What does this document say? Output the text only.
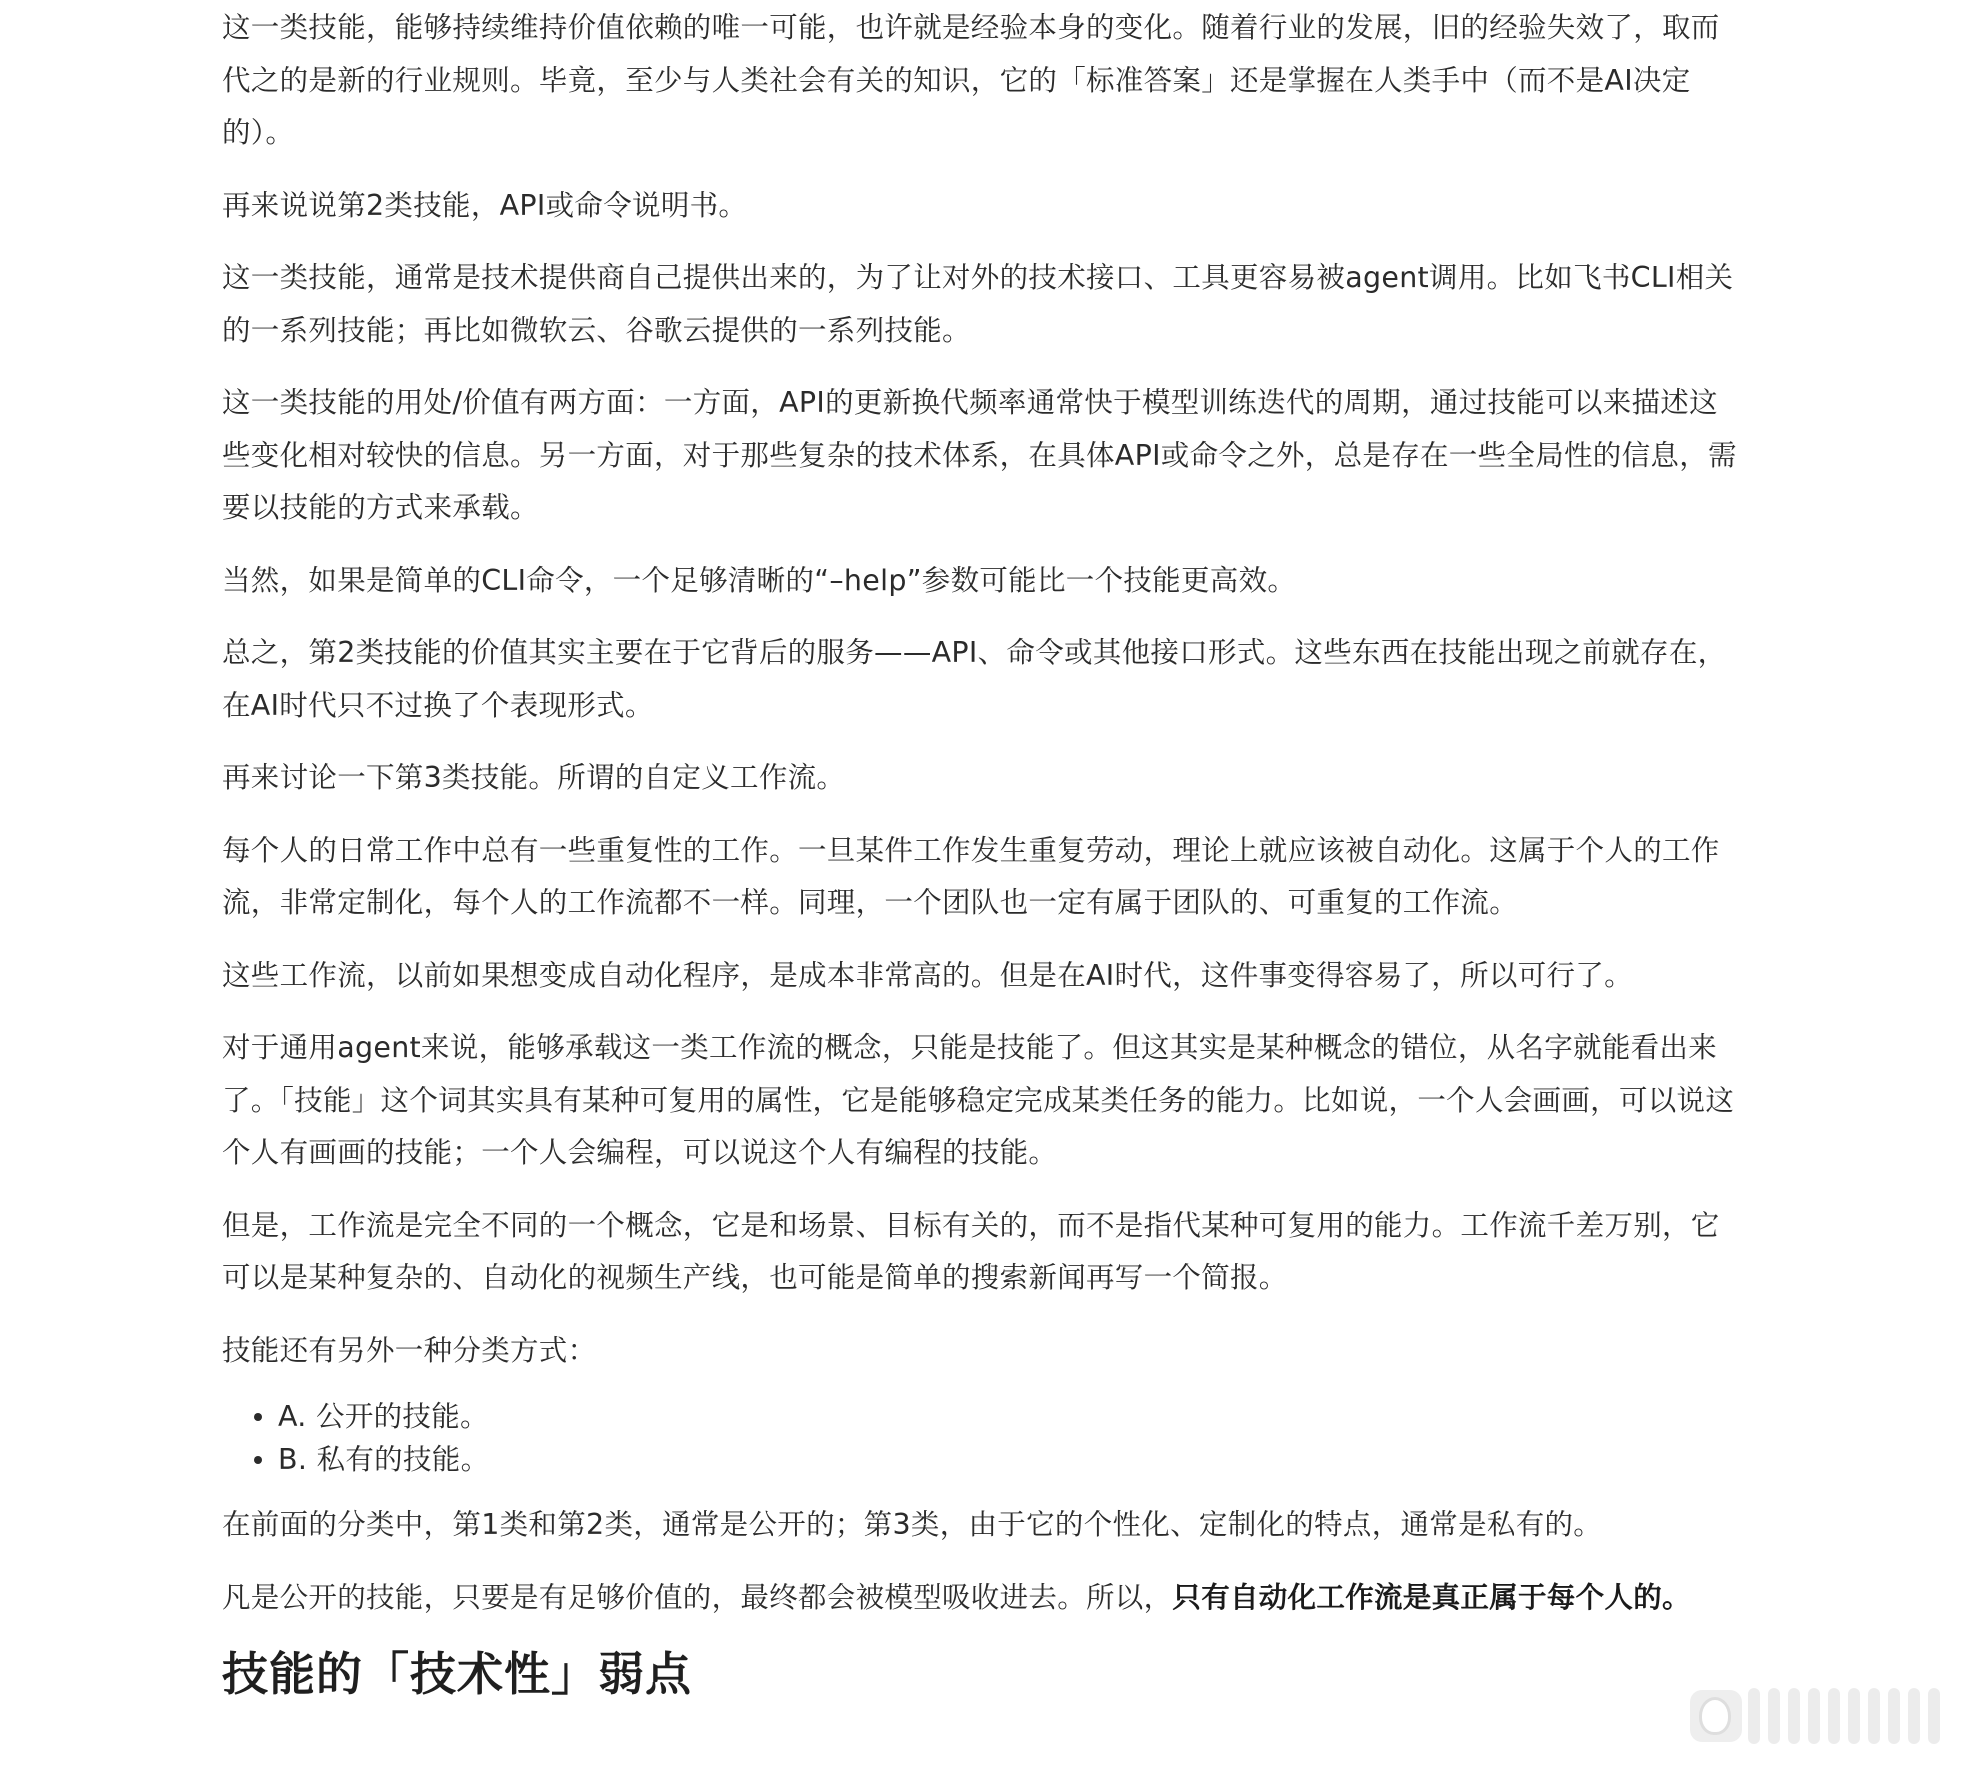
这一类技能，能够持续维持价值依赖的唯一可能，也许就是经验本身的变化。随着行业的发展，旧的经验失效了，取而代之的是新的行业规则。毕竟，至少与人类社会有关的知识，它的「标准答案」还是掌握在人类手中（而不是AI决定的）。

再来说说第2类技能，API或命令说明书。

这一类技能，通常是技术提供商自己提供出来的，为了让对外的技术接口、工具更容易被agent调用。比如飞书CLI相关的一系列技能；再比如微软云、谷歌云提供的一系列技能。

这一类技能的用处/价值有两方面：一方面，API的更新换代频率通常快于模型训练迭代的周期，通过技能可以来描述这些变化相对较快的信息。另一方面，对于那些复杂的技术体系，在具体API或命令之外，总是存在一些全局性的信息，需要以技能的方式来承载。

当然，如果是简单的CLI命令，一个足够清晰的“–help”参数可能比一个技能更高效。

总之，第2类技能的价值其实主要在于它背后的服务——API、命令或其他接口形式。这些东西在技能出现之前就存在，在AI时代只不过换了个表现形式。

再来讨论一下第3类技能。所谓的自定义工作流。

每个人的日常工作中总有一些重复性的工作。一旦某件工作发生重复劳动，理论上就应该被自动化。这属于个人的工作流，非常定制化，每个人的工作流都不一样。同理，一个团队也一定有属于团队的、可重复的工作流。

这些工作流，以前如果想变成自动化程序，是成本非常高的。但是在AI时代，这件事变得容易了，所以可行了。

对于通用agent来说，能够承载这一类工作流的概念，只能是技能了。但这其实是某种概念的错位，从名字就能看出来了。「技能」这个词其实具有某种可复用的属性，它是能够稳定完成某类任务的能力。比如说，一个人会画画，可以说这个人有画画的技能；一个人会编程，可以说这个人有编程的技能。

但是，工作流是完全不同的一个概念，它是和场景、目标有关的，而不是指代某种可复用的能力。工作流千差万别，它可以是某种复杂的、自动化的视频生产线，也可能是简单的搜索新闻再写一个简报。

技能还有另外一种分类方式：

A. 公开的技能。
B. 私有的技能。

在前面的分类中，第1类和第2类，通常是公开的；第3类，由于它的个性化、定制化的特点，通常是私有的。

凡是公开的技能，只要是有足够价值的，最终都会被模型吸收进去。所以，只有自动化工作流是真正属于每个人的。

技能的「技术性」弱点
